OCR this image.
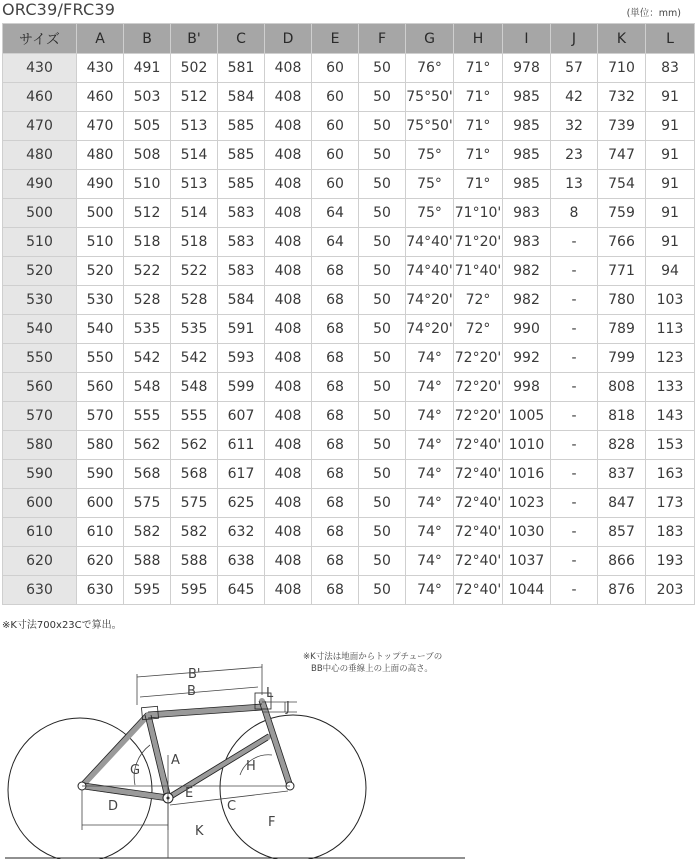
ORC39/FRC39	(単位：mm)
サイズ	A	B	B'	C	D	E	F	G	H	I	J	K	L
430	430	491	502	581	408	60	50	76°	71°	978	57	710	83
460	460	503	512	584	408	60	50	75°50'	71°	985	42	732	91
470	470	505	513	585	408	60	50	75°50'	71°	985	32	739	91
480	480	508	514	585	408	60	50	75°	71°	985	23	747	91
490	490	510	513	585	408	60	50	75°	71°	985	13	754	91
500	500	512	514	583	408	64	50	75°	71°10'	983	8	759	91
510	510	518	518	583	408	64	50	74°40'	71°20'	983	-	766	91
520	520	522	522	583	408	68	50	74°40'	71°40'	982	-	771	94
530	530	528	528	584	408	68	50	74°20'	72°	982	-	780	103
540	540	535	535	591	408	68	50	74°20'	72°	990	-	789	113
550	550	542	542	593	408	68	50	74°	72°20'	992	-	799	123
560	560	548	548	599	408	68	50	74°	72°20'	998	-	808	133
570	570	555	555	607	408	68	50	74°	72°20'	1005	-	818	143
580	580	562	562	611	408	68	50	74°	72°40'	1010	-	828	153
590	590	568	568	617	408	68	50	74°	72°40'	1016	-	837	163
600	600	575	575	625	408	68	50	74°	72°40'	1023	-	847	173
610	610	582	582	632	408	68	50	74°	72°40'	1030	-	857	183
620	620	588	588	638	408	68	50	74°	72°40'	1037	-	866	193
630	630	595	595	645	408	68	50	74°	72°40'	1044	-	876	203
※K寸法700x23Cで算出。
※K寸法は地面からトップチューブの
BB中心の垂線上の上面の高さ。
B'
B	L
J
A
G	H
E
D	C
F
K
